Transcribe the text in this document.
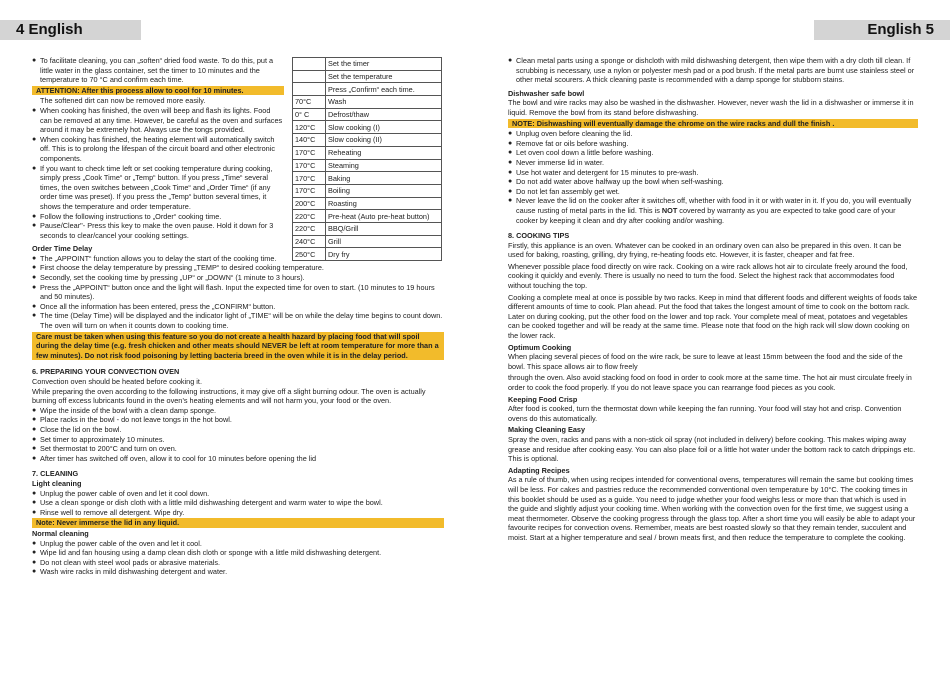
4 English	English 5

● To facilitate cleaning, you can „soften“ dried food waste. To do this, put a little water in the glass container, set the timer to 10 minutes and the temperature to 70 °C and confirm each time.

ATTENTION: After this process allow to cool for 10 minutes.

The softened dirt can now be removed more easily.

● When cooking has finished, the oven will beep and flash its lights. Food can be removed at any time. However, be careful as the oven and surfaces around it may be extremely hot. Always use the tongs provided.

● When cooking has finished, the heating element will automatically switch off. This is to prolong the lifespan of the circuit board and other electronic components.

● If you want to check time left or set cooking temperature during cooking, simply press „Cook Time“ or „Temp“ button. If you press „Time“ several times, the oven switches between „Cook Time“ and „Order Time“ (if any order time was preset). If you press the „Temp“ button several times, it shows the temperature and order temperature.

● Follow the following instructions to „Order“ cooking time.

● Pause/Clear"- Press this key to make the oven pause. Hold it down for 3 seconds to clear/cancel your cooking settings.

Order Time Delay

● The „APPOINT“ function allows you to delay the start of the cooking time.

● First choose the delay temperature by pressing „TEMP“ to desired cooking temperature.

● Secondly, set the cooking time by pressing „UP“ or „DOWN“ (1 minute to 3 hours).

● Press the „APPOINT“ button once and the light will flash. Input the expected time for oven to start. (10 minutes to 19 hours and 50 minutes).

● Once all the information has been entered, press the „CONFIRM“ button.

● The time (Delay Time) will be displayed and the indicator light of „TIME“ will be on while the delay time begins to count down. The oven will turn on when it counts down to cooking time.

Care must be taken when using this feature so you do not create a health hazard by placing food that will spoil during the delay time (e.g. fresh chicken and other meats should NEVER be left at room temperature for more than a few minutes). Do not risk food poisoning by letting bacteria breed in the oven while it is in the delay period.

6. PREPARING YOUR CONVECTION OVEN

Convection oven should be heated before cooking it.

While preparing the oven according to the following instructions, it may give off a slight burning odour. The oven is actually burning off excess lubricants found in the oven’s heating elements and will not harm you, your food or the oven.

● Wipe the inside of the bowl with a clean damp sponge.

● Place racks in the bowl - do not leave tongs in the hot bowl.

● Close the lid on the bowl.

● Set timer to approximately 10 minutes.

● Set thermostat to 200°C and turn on oven.

● After timer has switched off oven, allow it to cool for 10 minutes before opening the lid

7. CLEANING

Light cleaning

● Unplug the power cable of oven and let it cool down.

● Use a clean sponge or dish cloth with a little mild dishwashing detergent and warm water to wipe the bowl.

● Rinse well to remove all detergent. Wipe dry.

Note: Never immerse the lid in any liquid.

Normal cleaning

● Unplug the power cable of the oven and let it cool.

● Wipe lid and fan housing using a damp clean dish cloth or sponge with a little mild dishwashing detergent.

● Do not clean with steel wool pads or abrasive materials.

● Wash wire racks in mild dishwashing detergent and water.

	Set the timer
	Set the temperature
	Press „Confirm“ each time.
70°C	Wash
0° C	Defrost/thaw
120°C	Slow cooking (I)
140°C	Slow cooking (II)
170°C	Reheating
170°C	Steaming
170°C	Baking
170°C	Boiling
200°C	Roasting
220°C	Pre-heat (Auto pre-heat button)
220°C	BBQ/Grill
240°C	Grill
250°C	Dry fry

● Clean metal parts using a sponge or dishcloth with mild dishwashing detergent, then wipe them with a dry cloth till clean. If scrubbing is necessary, use a nylon or polyester mesh pad or a pod brush. If the metal parts are burnt use stainless steel or other metal scourers. A thick cleaning paste is recommended with a damp sponge for stubborn stains.

Dishwasher safe bowl

The bowl and wire racks may also be washed in the dishwasher. However, never wash the lid in a dishwasher or immerse it in liquid. Remove the bowl from its stand before dishwashing.

NOTE: Dishwashing will eventually damage the chrome on the wire racks and dull the finish .

● Unplug oven before cleaning the lid.

● Remove fat or oils before washing.

● Let oven cool down a little before washing.

● Never immerse lid in water.

● Use hot water and detergent for 15 minutes to pre-wash.

● Do not add water above halfway up the bowl when self-washing.

● Do not let fan assembly get wet.

● Never leave the lid on the cooker after it switches off, whether with food in it or with water in it. If you do, you will eventually cause rusting of metal parts in the lid. This is NOT covered by warranty as you are expected to take good care of your cooker by keeping it clean and dry after cooking and/or washing.

8. COOKING TIPS

Firstly, this appliance is an oven. Whatever can be cooked in an ordinary oven can also be prepared in this oven. It can be used for baking, roasting, grilling, dry frying, re-heating foods etc. However, it is faster, cheaper and fat free.

Whenever possible place food directly on wire rack. Cooking on a wire rack allows hot air to circulate freely around the food, cooking it quickly and evenly. There is usually no need to turn the food. Select the highest rack that accommodates food without touching the top.

Cooking a complete meal at once is possible by two racks. Keep in mind that different foods and different weights of foods take different amounts of time to cook. Plan ahead. Put the food that takes the longest amount of time to cook on the bottom rack. Later on during cooking, put the other food on the lower and top rack. Your complete meal of meat, potatoes and vegetables can be cooked together and will be ready at the same time. Please note that food on the high rack will slow down cooking on the lower rack.

Optimum Cooking

When placing several pieces of food on the wire rack, be sure to leave at least 15mm between the food and the side of the bowl. This space allows air to flow freely

through the oven. Also avoid stacking food on food in order to cook more at the same time. The hot air must circulate freely in order to cook the food properly. If you do not leave space you can rearrange food pieces as you cook.

Keeping Food Crisp

After food is cooked, turn the thermostat down while keeping the fan running. Your food will stay hot and crisp. Convention ovens do this automatically.

Making Cleaning Easy

Spray the oven, racks and pans with a non-stick oil spray (not included in delivery) before cooking. This makes wiping away grease and residue after cooking easy. You can also place foil or a little hot water under the bottom rack to catch drippings etc. This is optional.

Adapting Recipes

As a rule of thumb, when using recipes intended for conventional ovens, temperatures will remain the same but cooking times will be less. For cakes and pastries reduce the recommended conventional oven temperature by 10°C. The cooking times in this booklet should be used as a guide. You need to judge whether your food weighs less or more than that which is used in the guide and slightly adjust your cooking time. When working with the convection oven for the first time, we suggest using a meat thermometer. Observe the cooking progress through the glass top. After a short time you will easily be able to adapt your favourite recipes for convection ovens. Remember, meats are best roasted slowly so that they remain tender, succulent and moist. Start at a higher temperature and seal / brown meats first, and then reduce the temperature to complete the cooking.
